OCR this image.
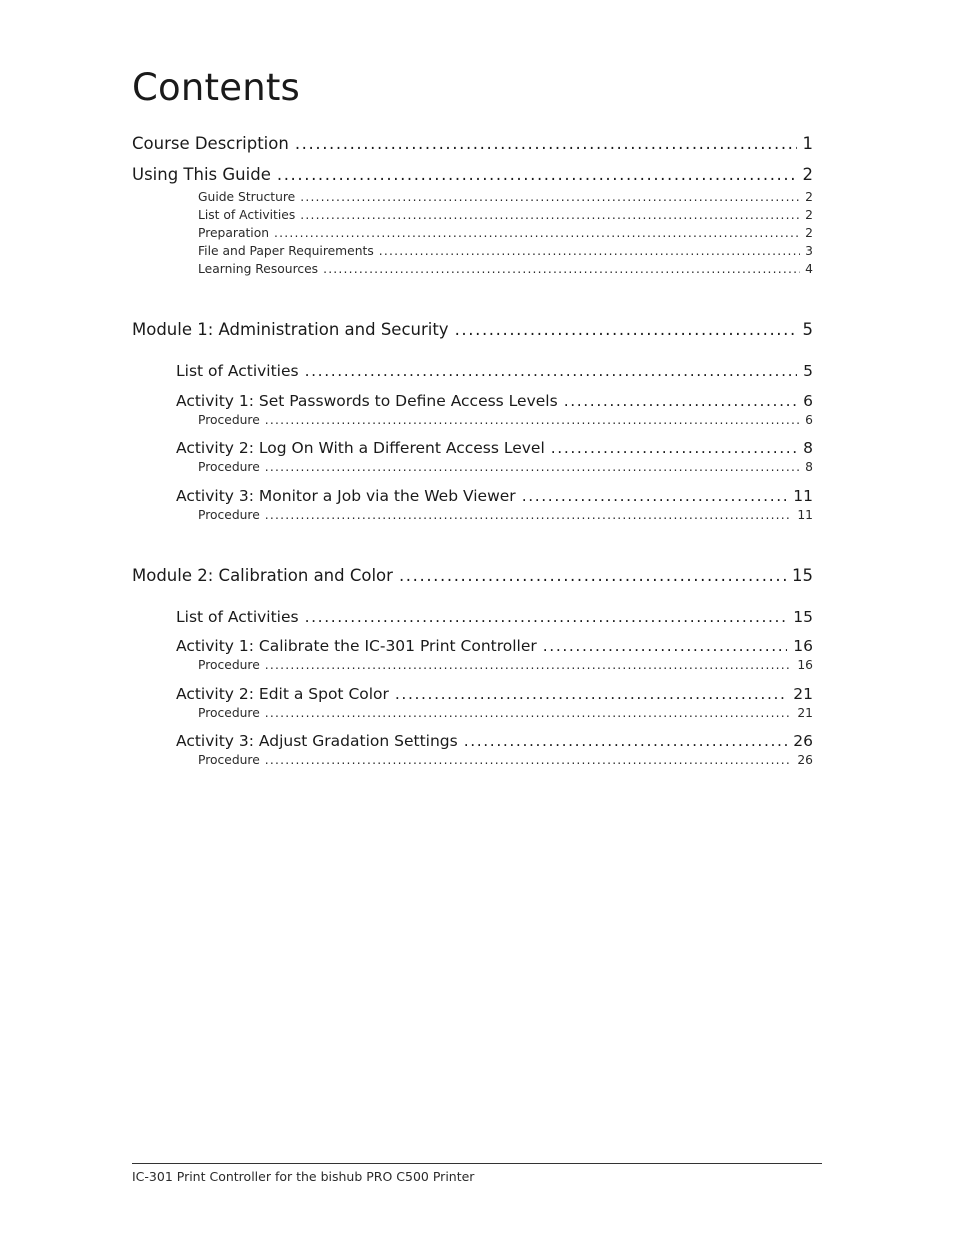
Contents
Course Description .....	1
Using This Guide .....	2
Guide Structure .....	2
List of Activities .....	2
Preparation .....	2
File and Paper Requirements .....	3
Learning Resources .....	4
Module 1: Administration and Security .....	5
List of Activities .....	5
Activity 1: Set Passwords to Define Access Levels .....	6
Procedure .....	6
Activity 2: Log On With a Different Access Level .....	8
Procedure .....	8
Activity 3: Monitor a Job via the Web Viewer .....	11
Procedure .....	11
Module 2: Calibration and Color .....	15
List of Activities .....	15
Activity 1: Calibrate the IC-301 Print Controller .....	16
Procedure .....	16
Activity 2: Edit a Spot Color .....	21
Procedure .....	21
Activity 3: Adjust Gradation Settings .....	26
Procedure .....	26
IC-301 Print Controller for the bishub PRO C500 Printer
